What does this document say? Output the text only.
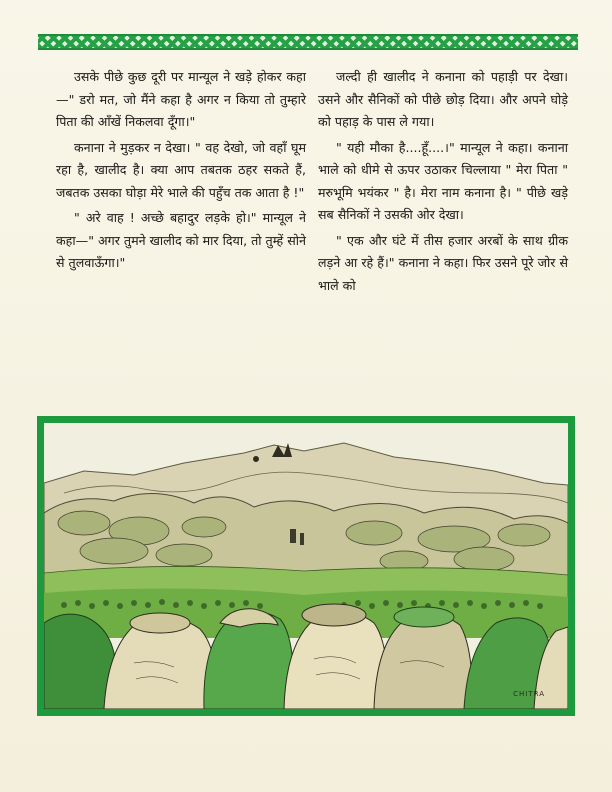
उसके पीछे कुछ दूरी पर मान्यूल ने खड़े होकर कहा—" डरो मत, जो मैंने कहा है अगर न किया तो तुम्हारे पिता की आँखें निकलवा दूँगा।"

कनाना ने मुड़कर न देखा। " वह देखो, जो वहाँ घूम रहा है, खालीद है। क्या आप तबतक ठहर सकते हैं, जबतक उसका घोड़ा मेरे भाले की पहुँच तक आता है !"

" अरे वाह ! अच्छे बहादुर लड़के हो।" मान्यूल ने कहा—" अगर तुमने खालीद को मार दिया, तो तुम्हें सोने से तुलवाऊँगा।"

जल्दी ही खालीद ने कनाना को पहाड़ी पर देखा। उसने और सैनिकों को पीछे छोड़ दिया। और अपने घोड़े को पहाड़ के पास ले गया।

" यही मौका है....हूँ....।" मान्यूल ने कहा। कनाना भाले को धीमे से ऊपर उठाकर चिल्लाया " मेरा पिता " मरुभूमि भयंकर " है। मेरा नाम कनाना है। " पीछे खड़े सब सैनिकों ने उसकी ओर देखा।

" एक और घंटे में तीस हजार अरबों के साथ ग्रीक लड़ने आ रहे हैं।" कनाना ने कहा। फिर उसने पूरे जोर से भाले को

CHITRA
